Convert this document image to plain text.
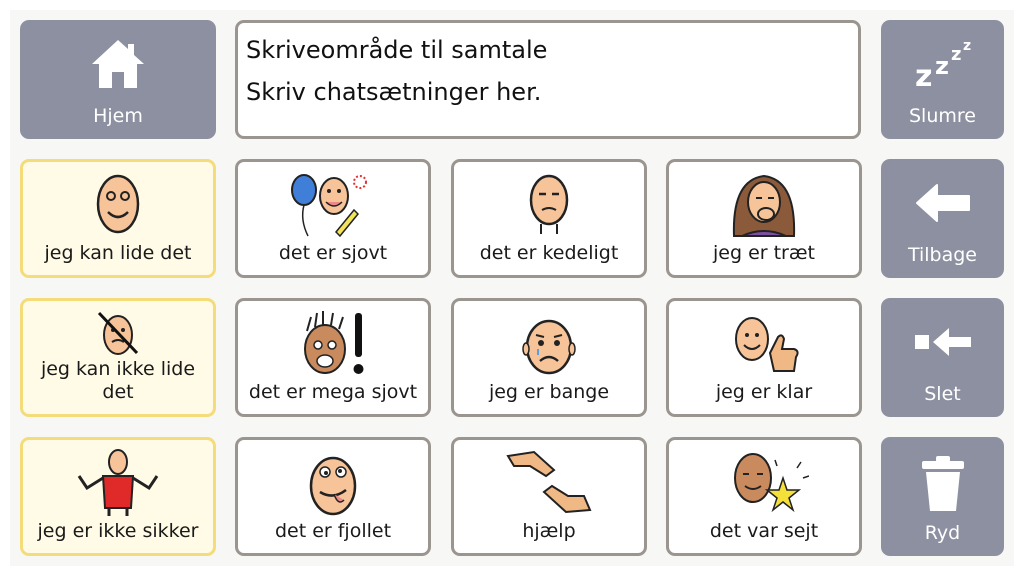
Hjem
Skriveområde til samtale
Skriv chatsætninger her.	z z z z
Slumre
Tilbage
Slet
Ryd
jeg kan lide det	det er sjovt	det er kedeligt	jeg er træt
jeg kan ikke lide det	det er mega sjovt	jeg er bange	jeg er klar
jeg er ikke sikker	det er fjollet	hjælp	det var sejt
